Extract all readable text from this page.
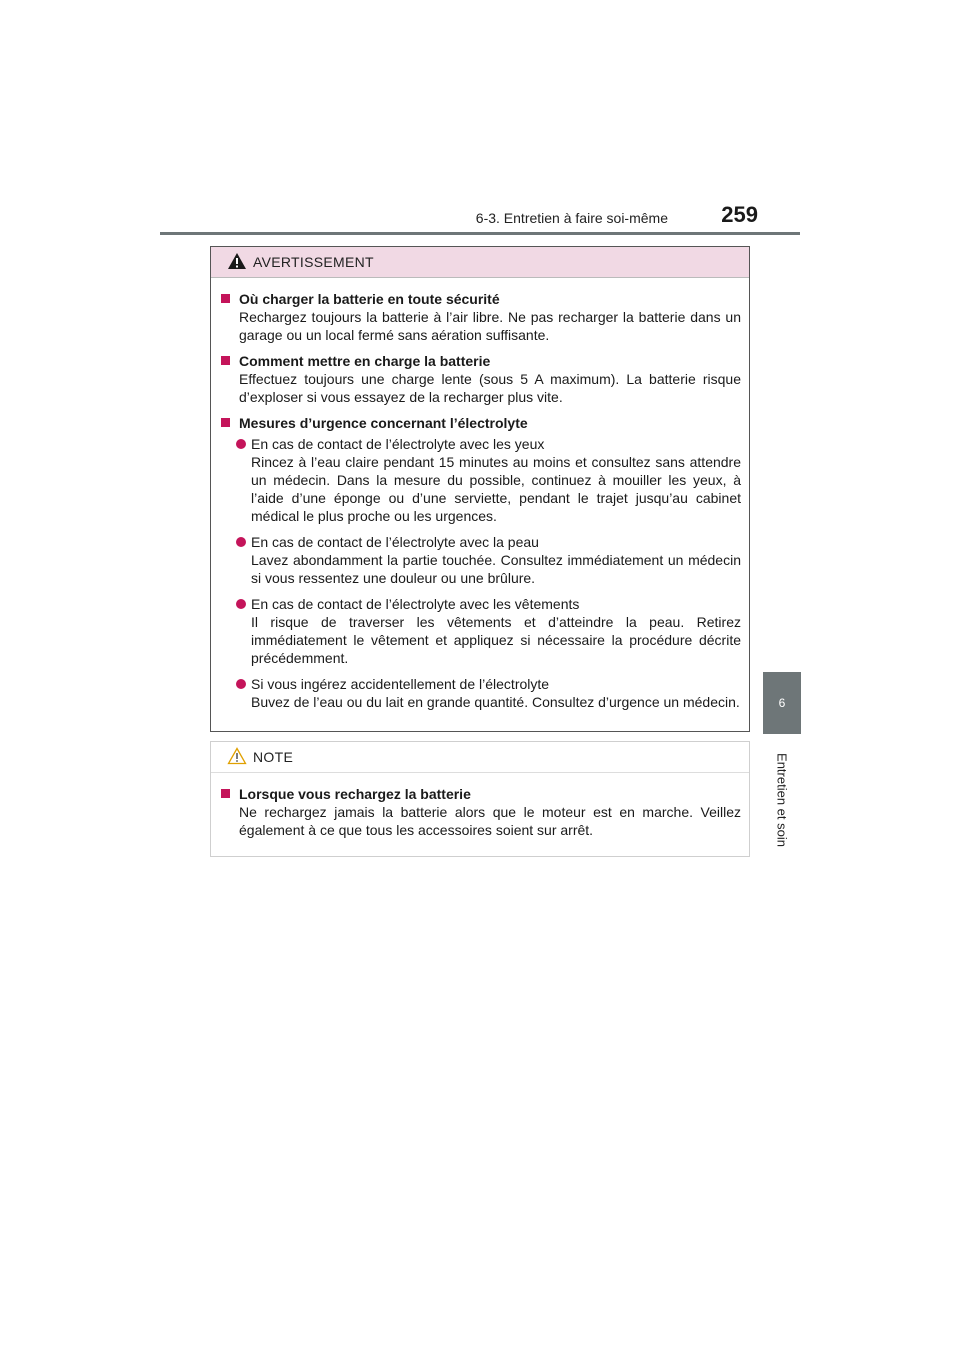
6-3. Entretien à faire soi-même 259
6
Entretien et soin
AVERTISSEMENT
Où charger la batterie en toute sécurité
Rechargez toujours la batterie à l’air libre. Ne pas recharger la batterie dans un garage ou un local fermé sans aération suffisante.
Comment mettre en charge la batterie
Effectuez toujours une charge lente (sous 5 A maximum). La batterie risque d’exploser si vous essayez de la recharger plus vite.
Mesures d’urgence concernant l’électrolyte
En cas de contact de l’électrolyte avec les yeux
Rincez à l’eau claire pendant 15 minutes au moins et consultez sans attendre un médecin. Dans la mesure du possible, continuez à mouiller les yeux, à l’aide d’une éponge ou d’une serviette, pendant le trajet jusqu’au cabinet médical le plus proche ou les urgences.
En cas de contact de l’électrolyte avec la peau
Lavez abondamment la partie touchée. Consultez immédiatement un médecin si vous ressentez une douleur ou une brûlure.
En cas de contact de l’électrolyte avec les vêtements
Il risque de traverser les vêtements et d’atteindre la peau. Retirez immédiatement le vêtement et appliquez si nécessaire la procédure décrite précédemment.
Si vous ingérez accidentellement de l’électrolyte
Buvez de l’eau ou du lait en grande quantité. Consultez d’urgence un médecin.
NOTE
Lorsque vous rechargez la batterie
Ne rechargez jamais la batterie alors que le moteur est en marche. Veillez également à ce que tous les accessoires soient sur arrêt.
